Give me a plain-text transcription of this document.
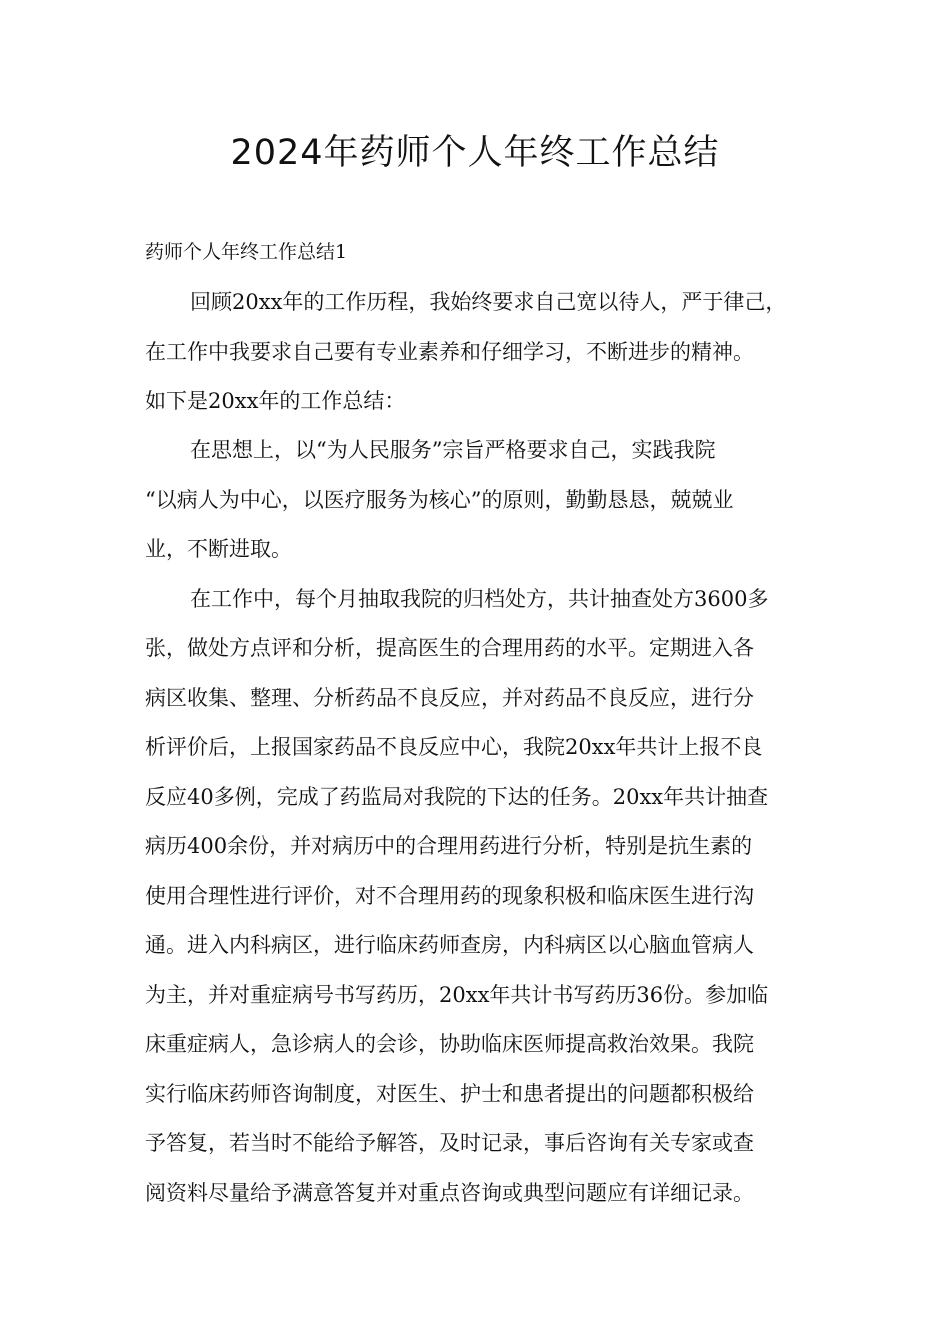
2024年药师个人年终工作总结

药师个人年终工作总结1

回顾20xx年的工作历程，我始终要求自己宽以待人，严于律己，

在工作中我要求自己要有专业素养和仔细学习，不断进步的精神。

如下是20xx年的工作总结：

在思想上，以“为人民服务”宗旨严格要求自己，实践我院

“以病人为中心，以医疗服务为核心”的原则，勤勤恳恳，兢兢业

业，不断进取。

在工作中，每个月抽取我院的归档处方，共计抽查处方3600多

张，做处方点评和分析，提高医生的合理用药的水平。定期进入各

病区收集、整理、分析药品不良反应，并对药品不良反应，进行分

析评价后，上报国家药品不良反应中心，我院20xx年共计上报不良

反应40多例，完成了药监局对我院的下达的任务。20xx年共计抽查

病历400余份，并对病历中的合理用药进行分析，特别是抗生素的

使用合理性进行评价，对不合理用药的现象积极和临床医生进行沟

通。进入内科病区，进行临床药师查房，内科病区以心脑血管病人

为主，并对重症病号书写药历，20xx年共计书写药历36份。参加临

床重症病人，急诊病人的会诊，协助临床医师提高救治效果。我院

实行临床药师咨询制度，对医生、护士和患者提出的问题都积极给

予答复，若当时不能给予解答，及时记录，事后咨询有关专家或查

阅资料尽量给予满意答复并对重点咨询或典型问题应有详细记录。
